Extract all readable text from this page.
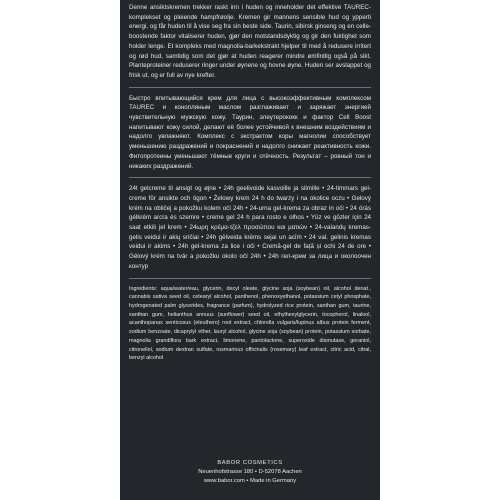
Denne ansiktskremen trekker raskt inn i huden og inneholder det effektive TAUREC-komplekset og pleiende hampfrøolje. Kremen gir mannens sensible hud og ypperti energi, og får huden til å vise seg fra sin beste side. Taurin, sibirsk ginseng og en celle-boostende faktor vitaliserer huden, gjør den motstandsdyktig og gir den fuktighet som holder lenge. Et kompleks med magnolia-barkekstrakt hjelper til med å redusere irritert og rød hud, samtidig som det gjør at huden reagerer mindre ømfintlig også på sikt. Planteproteiner reduserer ringer under øynene og hovne øyne. Huden ser avslappet og frisk ut, og er full av nye krefter.

Быстро впитывающийся крем для лица с высокоэффективным комплексом TAUREC и конопляным маслом разглаживает и заряжает энергией чувствительную мужскую кожу. Таурин, элеутерококк и фактор Cell Boost напитывают кожу силой, делают её более устойчивой к внешним воздействиям и надолго увлажняют. Комплекс с экстрактом коры магнолии способствует уменьшению раздражений и покраснений и надолго снижает реактивность кожи. Фитопротеины уменьшают тёмные круги и отёчность. Результат – ровный тон и никаких раздражений.

24t gelcreme til ansigt og øjne • 24h geelivoide kasvoille ja silmille • 24-timmars gel-creme för ansikte och ögon • Żelowy krem 24 h do twarzy i na okolice oczu • Gelový krém na obličej a pokožku kolem očí 24h • 24-urna gel-krema za obraz in oči • 24 órás gélkrém arcra és szemre • creme gel 24 h para rosto e olhos • Yüz ve gözler için 24 saat etkili jel krem • 24ωρη κρέμα-τζελ προσώπου και ματιών • 24-valandų kremas-gelis veidui ir akių sričiai • 24h gēlveida krēms sejai un acīm • 24 val. gelinis kremas veidui ir akims • 24h gel-krema za lice i oči • Cremă-gel de față și ochi 24 de ore • Gélový krém na tvár a pokožku okolo očí 24h • 24h гел-крем за лица и околоочен контур

Ingredients: aqua/water/eau, glycerin, decyl oleate, glycine soja (soybean) oil, alcohol denat., cannabis sativa seed oil, cetearyl alcohol, panthenol, phenoxyethanol, potassium cetyl phosphate, hydrogenated palm glycerides, fragrance (parfum), hydrolyzed rice protein, xanthan gum, taurine, xanthan gum, helianthus annuus (sunflower) seed oil, ethylhexylglycerin, tocopherol, linalool, acanthopanax senticosus (eleuthero) root extract, chlorella vulgaris/lupinus albus protein ferment, sodium benzoate, dicaprylyl ether, lauryl alcohol, glycine soja (soybean) protein, potassium sorbate, magnolia grandiflora bark extract, limonene, pantolactone, superoxide dismutase, geraniol, citronellol, sodium dextran sulfate, rosmarinus officinalis (rosemary) leaf extract, citric acid, citral, benzyl alcohol

BABOR COSMETICS
Neuenhofstrasse 180 • D-52078 Aachen
www.babor.com • Made in Germany
